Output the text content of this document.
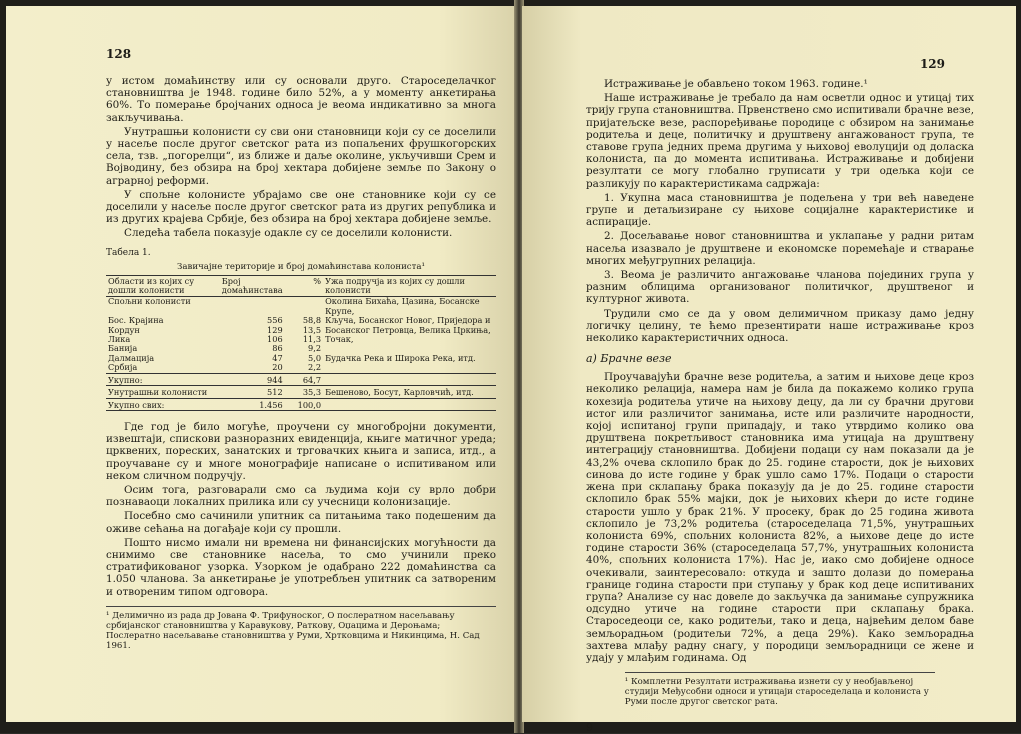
128

у истом домаћинству или су основали друго. Староседелачког становништва је 1948. године било 52%, а у моменту анкетирања 60%. То померање бројчаних односа је веома индикативно за многа закључивања.

Унутрашњи колонисти су сви они становници који су се доселили у насеље после другог светског рата из попаљених фрушкогорских села, тзв. „погорелци“, из ближе и даље околине, укључивши Срем и Војводину, без обзира на број хектара добијене земље по Закону о аграрној реформи.

У спољне колонисте убрајамо све оне становнике који су се доселили у насеље после другог светског рата из других република и из других крајева Србије, без обзира на број хектара добијене земље.

Следећа табела показује одакле су се доселили колонисти.

Табела 1.
Завичајне територије и број домаћинстава колониста¹
Области из којих су дошли колонисти	Број домаћинстава	%	Ужа подручја из којих су дошли колонисти
Спољни колонисти			Околина Бихаћа, Цазина, Босанске Крупе,
Бос. Крајина	556	58,8	Кључа, Босанског Новог, Приједора и Босанског Петровца, Велика Цркиња, Точак,
Кордун	129	13,5	
Лика	106	11,3	
Банија	86	9,2	
Далмација	47	5,0	Будачка Река и Широка Река, итд.
Србија	20	2,2	
Укупно:	944	64,7	
Унутрашњи колонисти	512	35,3	Бешеново, Босут, Карловчић, итд.
Укупно свих:	1.456	100,0	

Где год је било могуће, проучени су многобројни документи, извештаји, спискови разноразних евиденција, књиге матичног уреда; црквених, пореских, занатских и трговачких књига и записа, итд., а проучаване су и многе монографије написане о испитиваном или неком сличном подручју.

Осим тога, разговарали смо са људима који су врло добри познаваоци локалних прилика или су учесници колонизације.

Посебно смо сачинили упитник са питањима тако подешеним да оживе сећања на догађаје који су прошли.

Пошто нисмо имали ни времена ни финансијских могућности да снимимо све становнике насеља, то смо учинили преко стратификованог узорка. Узорком је одабрано 222 домаћинства са 1.050 чланова. За анкетирање је употребљен упитник са затвореним и отвореним типом одговора.

¹ Делимично из рада др Јована Ф. Трифуноског, О послератном насељавању србијанског становништва у Каравукову, Раткову, Оџацима и Дерoњама; Послератно насељавање становништва у Руми, Хртковцима и Никинцима, Н. Сад 1961.
129

Истраживање је обављено током 1963. године.¹

Наше истраживање је требало да нам осветли однос и утицај тих трију група становништва. Првенствено смо испитивали брачне везе, пријатељске везе, распоређивање породице с обзиром на занимање родитеља и деце, политичку и друштвену ангажованост група, те ставове група једних према другима у њиховој еволуцији од доласка колониста, па до момента испитивања. Истраживање и добијени резултати се могу глобално груписати у три одељка који се разликују по карактеристикама садржаја:

1. Укупна маса становништва је подељена у три већ наведене групе и детаљизиране су њихове социјалне карактеристике и аспирације.

2. Досељавање новог становништва и уклапање у радни ритам насеља изазвало је друштвене и економске поремећаје и стварање многих међугрупних релација.

3. Веома је различито ангажовање чланова појединих група у разним облицима организованог политичког, друштвеног и културног живота.

Трудили смо се да у овом делимичном приказу дамо једну логичку целину, те ћемо презентирати наше истраживање кроз неколико карактеристичних односа.

а) Брачне везе

Проучавајући брачне везе родитеља, а затим и њихове деце кроз неколико релација, намера нам је била да покажемо колико група кохезија родитеља утиче на њихову децу, да ли су брачни другови истог или различитог занимања, исте или различите народности, којој испитаној групи припадају, и тако утврдимо колико ова друштвена покретљивост становника има утицаја на друштвену интеграцију становништва. Добијени подаци су нам показали да је 43,2% очева склопило брак до 25. године старости, док је њихових синова до исте године у брак ушло само 17%. Подаци о старости жена при склапању брака показују да је до 25. године старости склопило брак 55% мајки, док је њихових кћери до исте године старости ушло у брак 21%. У просеку, брак до 25 година живота склопило је 73,2% родитеља (староседелаца 71,5%, унутрашњих колониста 69%, спољних колониста 82%, а њихове деце до исте године старости 36% (староседелаца 57,7%, унутрашњих колониста 40%, спољних колониста 17%). Нас је, иако смо добијене односе очекивали, заинтересовало: откуда и зашто долази до померања границе година старости при ступању у брак код деце испитиваних група? Анализе су нас довеле до закључка да занимање супружника одсудно утиче на године старости при склапању брака. Староседеоци се, како родитељи, тако и деца, највећим делом баве земљорадњом (родитељи 72%, а деца 29%). Како земљорадња захтева млађу радну снагу, у породици земљорадници се жене и удају у млађим годинама. Од

¹ Комплетни Резултати истраживања изнети су у необјављеној студији Међусобни односи и утицаји староседелаца и колониста у Руми после другог светског рата.
9
